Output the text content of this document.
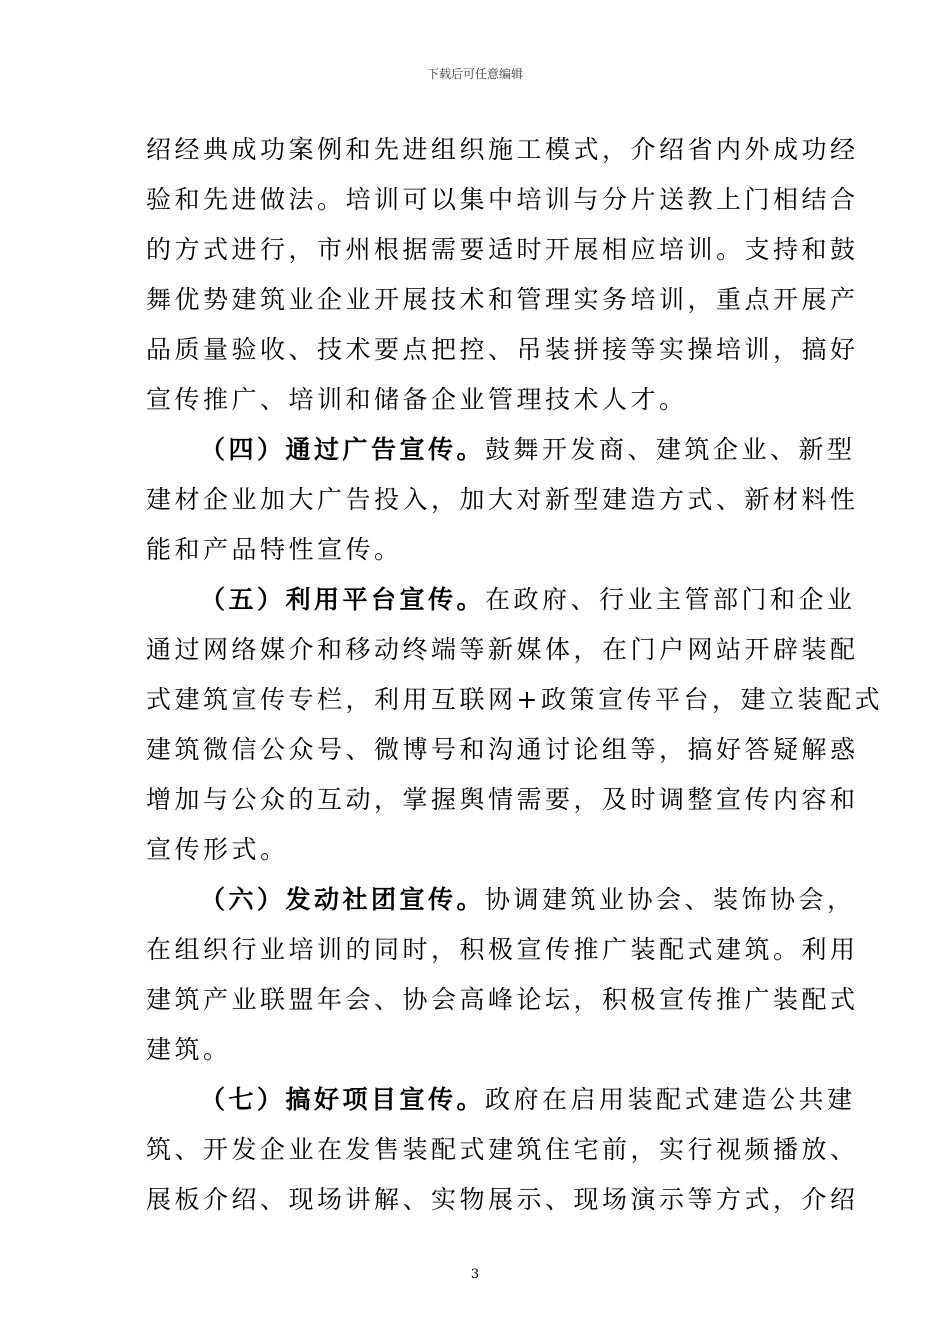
下载后可任意编辑
绍经典成功案例和先进组织施工模式，介绍省内外成功经
验和先进做法。培训可以集中培训与分片送教上门相结合
的方式进行，市州根据需要适时开展相应培训。支持和鼓
舞优势建筑业企业开展技术和管理实务培训，重点开展产
品质量验收、技术要点把控、吊装拼接等实操培训，搞好
宣传推广、培训和储备企业管理技术人才。
（四）通过广告宣传。鼓舞开发商、建筑企业、新型
建材企业加大广告投入，加大对新型建造方式、新材料性
能和产品特性宣传。
（五）利用平台宣传。在政府、行业主管部门和企业
通过网络媒介和移动终端等新媒体，在门户网站开辟装配
式建筑宣传专栏，利用互联网+政策宣传平台，建立装配式
建筑微信公众号、微博号和沟通讨论组等，搞好答疑解惑
增加与公众的互动，掌握舆情需要，及时调整宣传内容和
宣传形式。
（六）发动社团宣传。协调建筑业协会、装饰协会，
在组织行业培训的同时，积极宣传推广装配式建筑。利用
建筑产业联盟年会、协会高峰论坛，积极宣传推广装配式
建筑。
（七）搞好项目宣传。政府在启用装配式建造公共建
筑、开发企业在发售装配式建筑住宅前，实行视频播放、
展板介绍、现场讲解、实物展示、现场演示等方式，介绍
3
